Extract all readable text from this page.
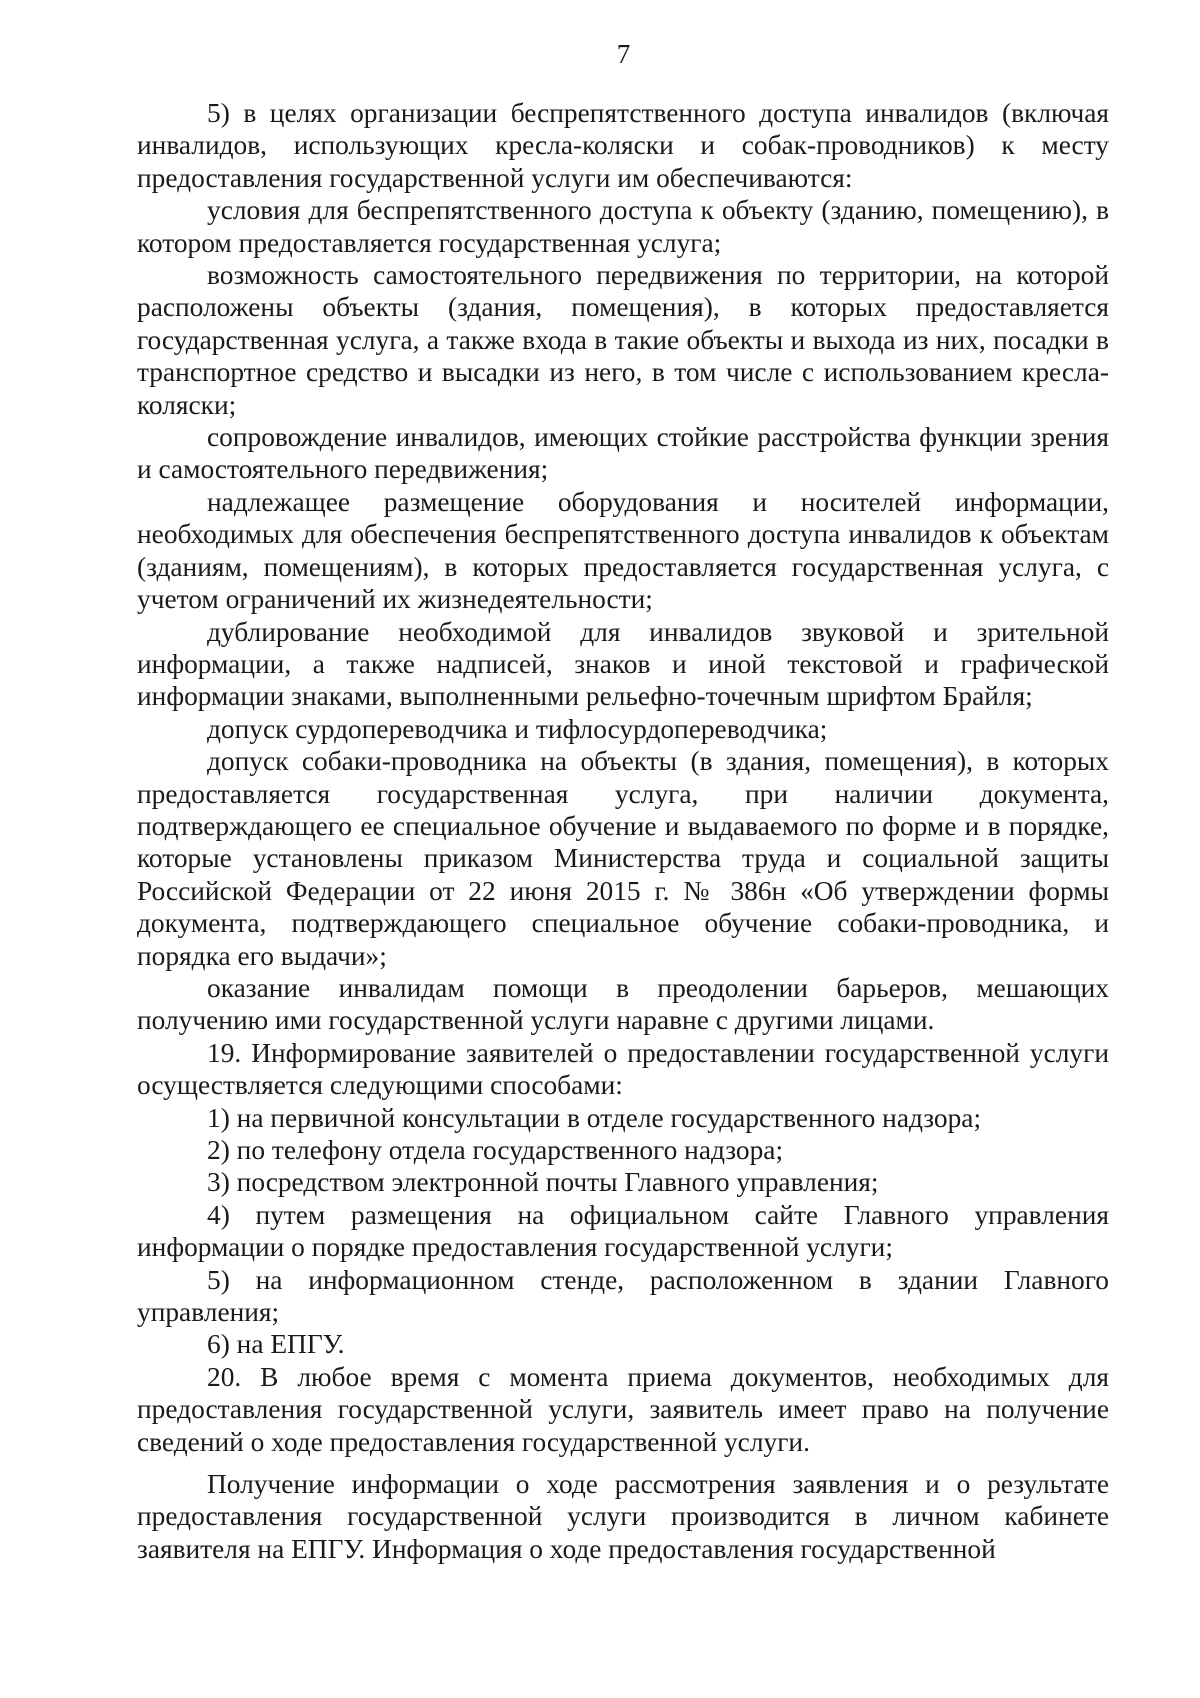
7

5) в целях организации беспрепятственного доступа инвалидов (включая инвалидов, использующих кресла-коляски и собак-проводников) к месту предоставления государственной услуги им обеспечиваются:

условия для беспрепятственного доступа к объекту (зданию, помещению), в котором предоставляется государственная услуга;

возможность самостоятельного передвижения по территории, на которой расположены объекты (здания, помещения), в которых предоставляется государственная услуга, а также входа в такие объекты и выхода из них, посадки в транспортное средство и высадки из него, в том числе с использованием кресла-коляски;

сопровождение инвалидов, имеющих стойкие расстройства функции зрения и самостоятельного передвижения;

надлежащее размещение оборудования и носителей информации, необходимых для обеспечения беспрепятственного доступа инвалидов к объектам (зданиям, помещениям), в которых предоставляется государственная услуга, с учетом ограничений их жизнедеятельности;

дублирование необходимой для инвалидов звуковой и зрительной информации, а также надписей, знаков и иной текстовой и графической информации знаками, выполненными рельефно-точечным шрифтом Брайля;

допуск сурдопереводчика и тифлосурдопереводчика;

допуск собаки-проводника на объекты (в здания, помещения), в которых предоставляется государственная услуга, при наличии документа, подтверждающего ее специальное обучение и выдаваемого по форме и в порядке, которые установлены приказом Министерства труда и социальной защиты Российской Федерации от 22 июня 2015 г. № 386н «Об утверждении формы документа, подтверждающего специальное обучение собаки-проводника, и порядка его выдачи»;

оказание инвалидам помощи в преодолении барьеров, мешающих получению ими государственной услуги наравне с другими лицами.

19. Информирование заявителей о предоставлении государственной услуги осуществляется следующими способами:

1) на первичной консультации в отделе государственного надзора;

2) по телефону отдела государственного надзора;

3) посредством электронной почты Главного управления;

4) путем размещения на официальном сайте Главного управления информации о порядке предоставления государственной услуги;

5) на информационном стенде, расположенном в здании Главного управления;

6) на ЕПГУ.

20. В любое время с момента приема документов, необходимых для предоставления государственной услуги, заявитель имеет право на получение сведений о ходе предоставления государственной услуги.

Получение информации о ходе рассмотрения заявления и о результате предоставления государственной услуги производится в личном кабинете заявителя на ЕПГУ. Информация о ходе предоставления государственной
